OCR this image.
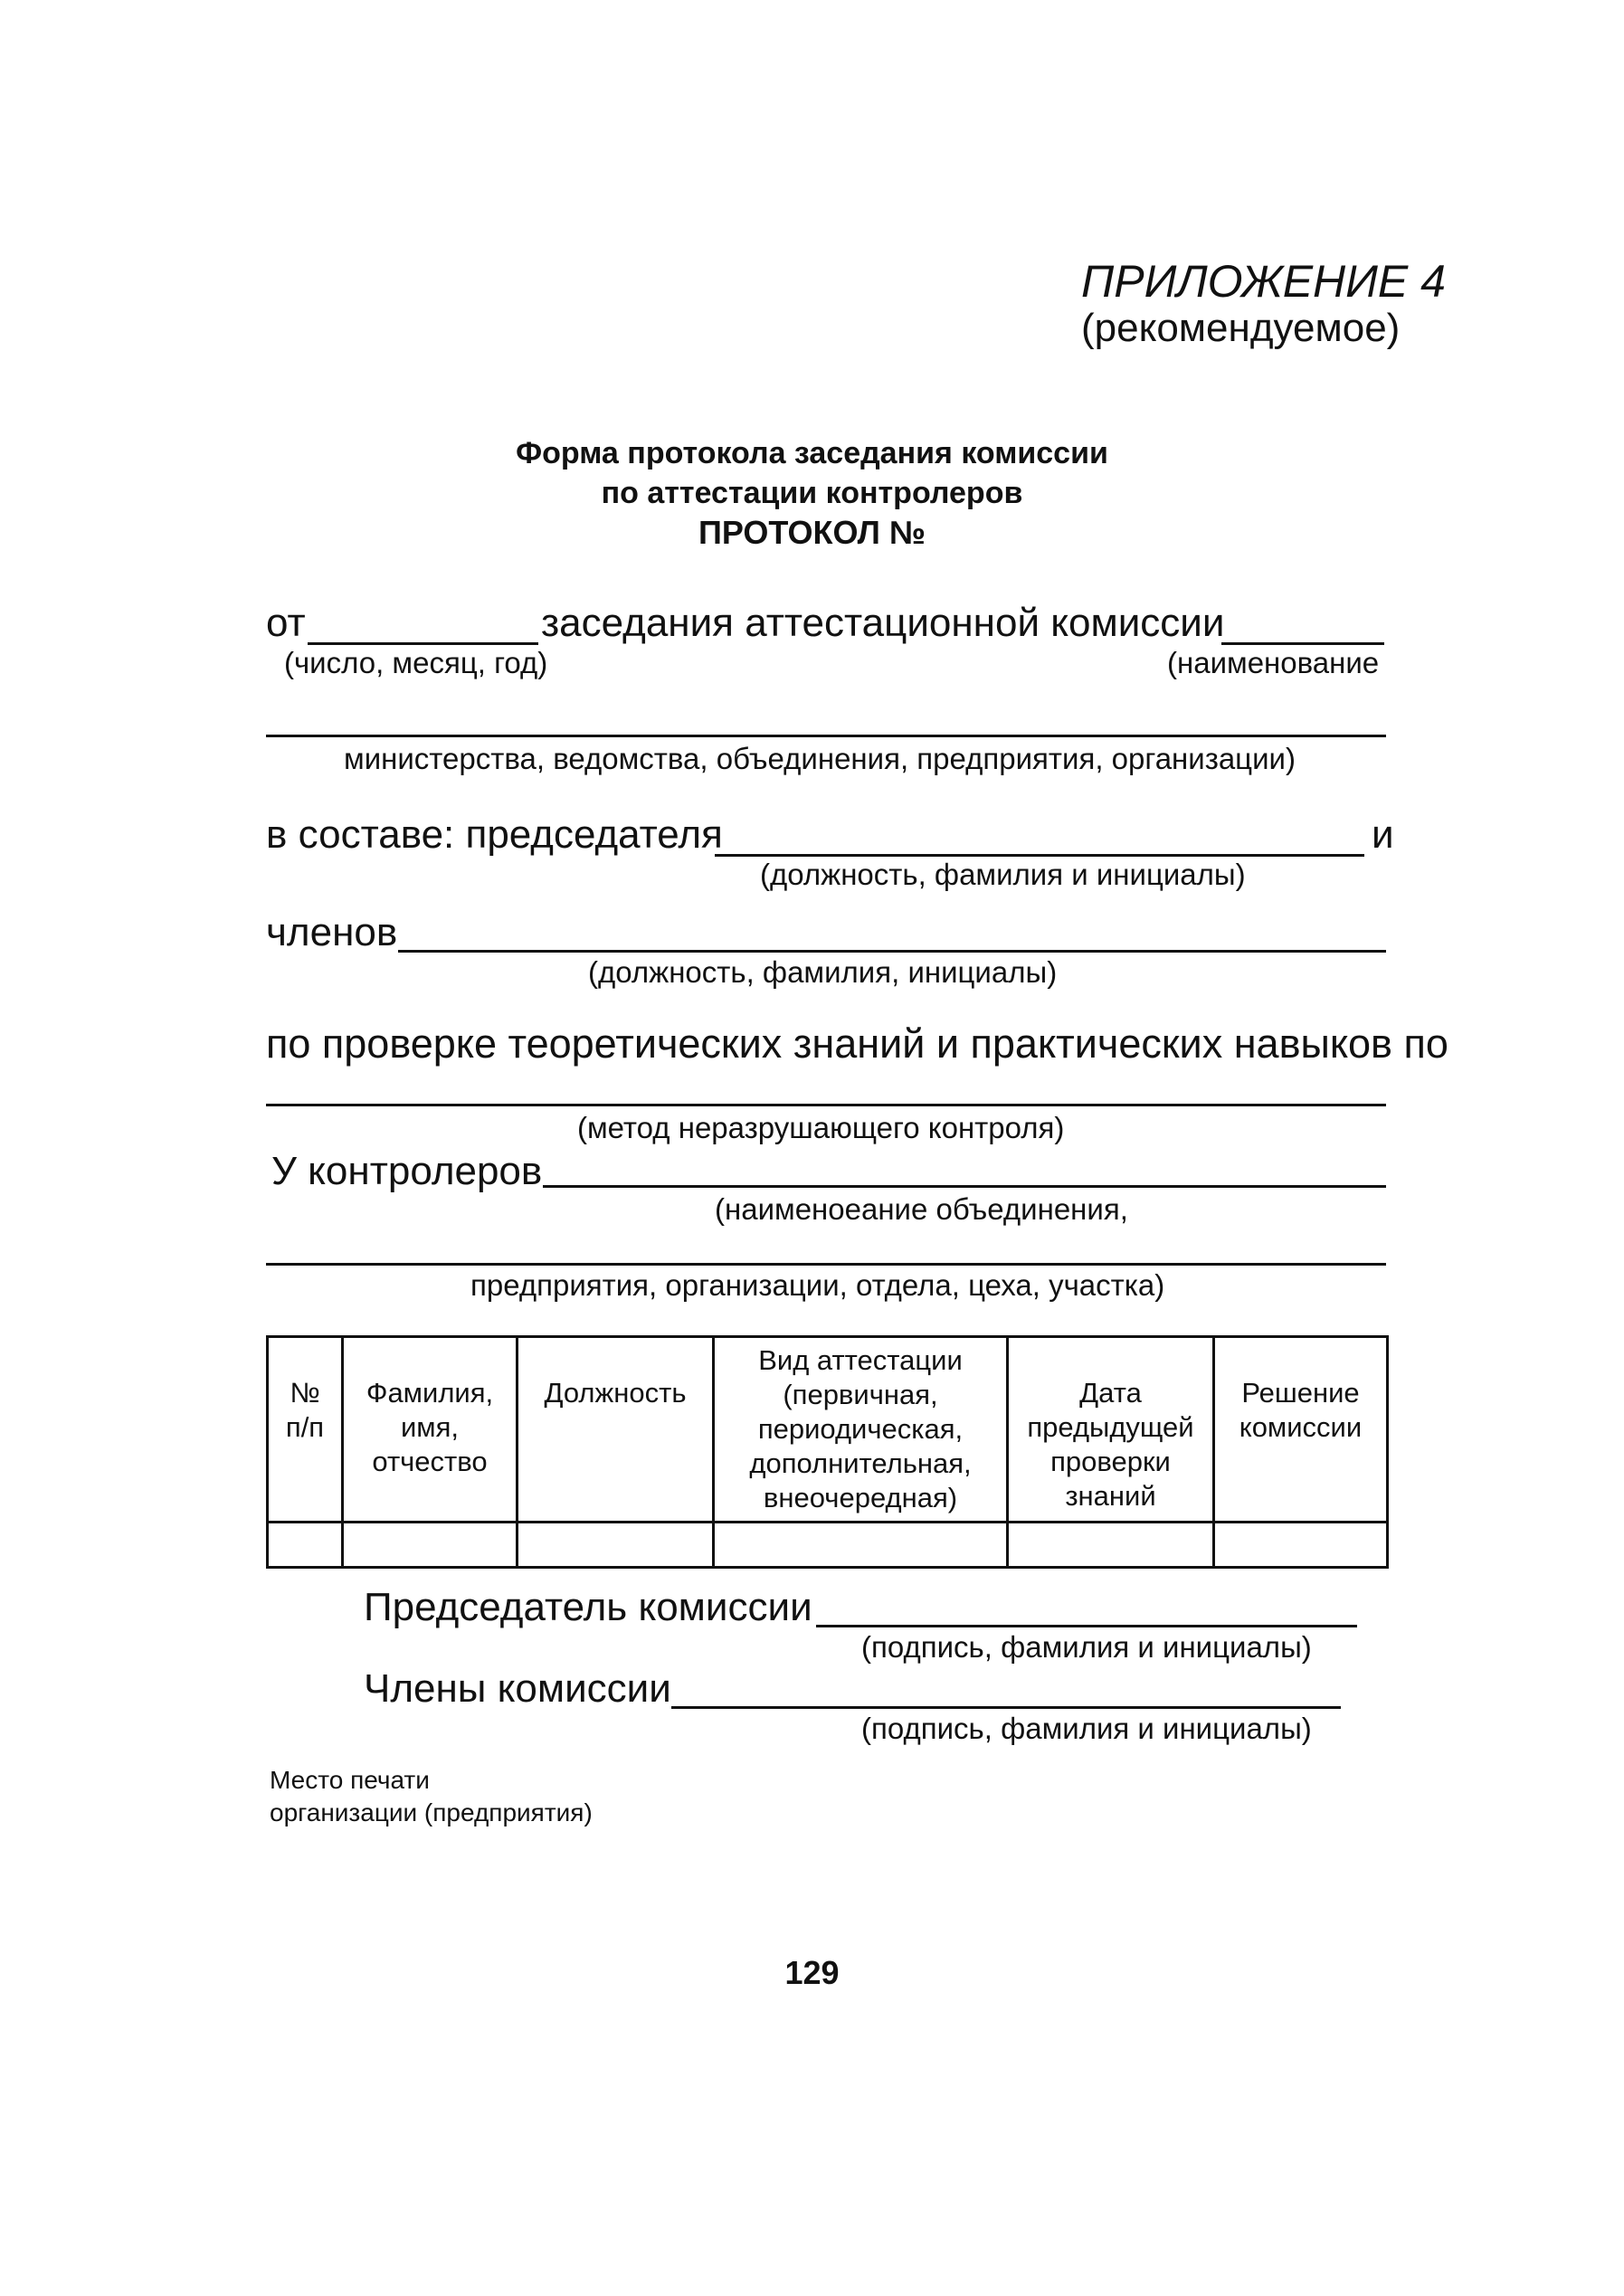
ПРИЛОЖЕНИЕ 4
(рекомендуемое)
Форма протокола заседания комиссии
по аттестации контролеров
ПРОТОКОЛ №
от	заседания аттестационной комиссии
(число, месяц, год)	(наименование
министерства, ведомства, объединения, предприятия, организации)
в составе: председателя	и
(должность, фамилия и инициалы)
членов
(должность, фамилия, инициалы)
по проверке теоретических знаний и практических навыков по
(метод неразрушающего контроля)
У контролеров
(наименоeание объединения,
предприятия, организации, отдела, цеха, участка)
№ п/п	Фамилия, имя, отчество	Должность	Вид аттестации (первичная, периодическая, дополнительная, внеочередная)	Дата предыдущей проверки знаний	Решение комиссии

Председатель комиссии
(подпись, фамилия и инициалы)
Члены комиссии
(подпись, фамилия и инициалы)
Место печати
организации (предприятия)
129
